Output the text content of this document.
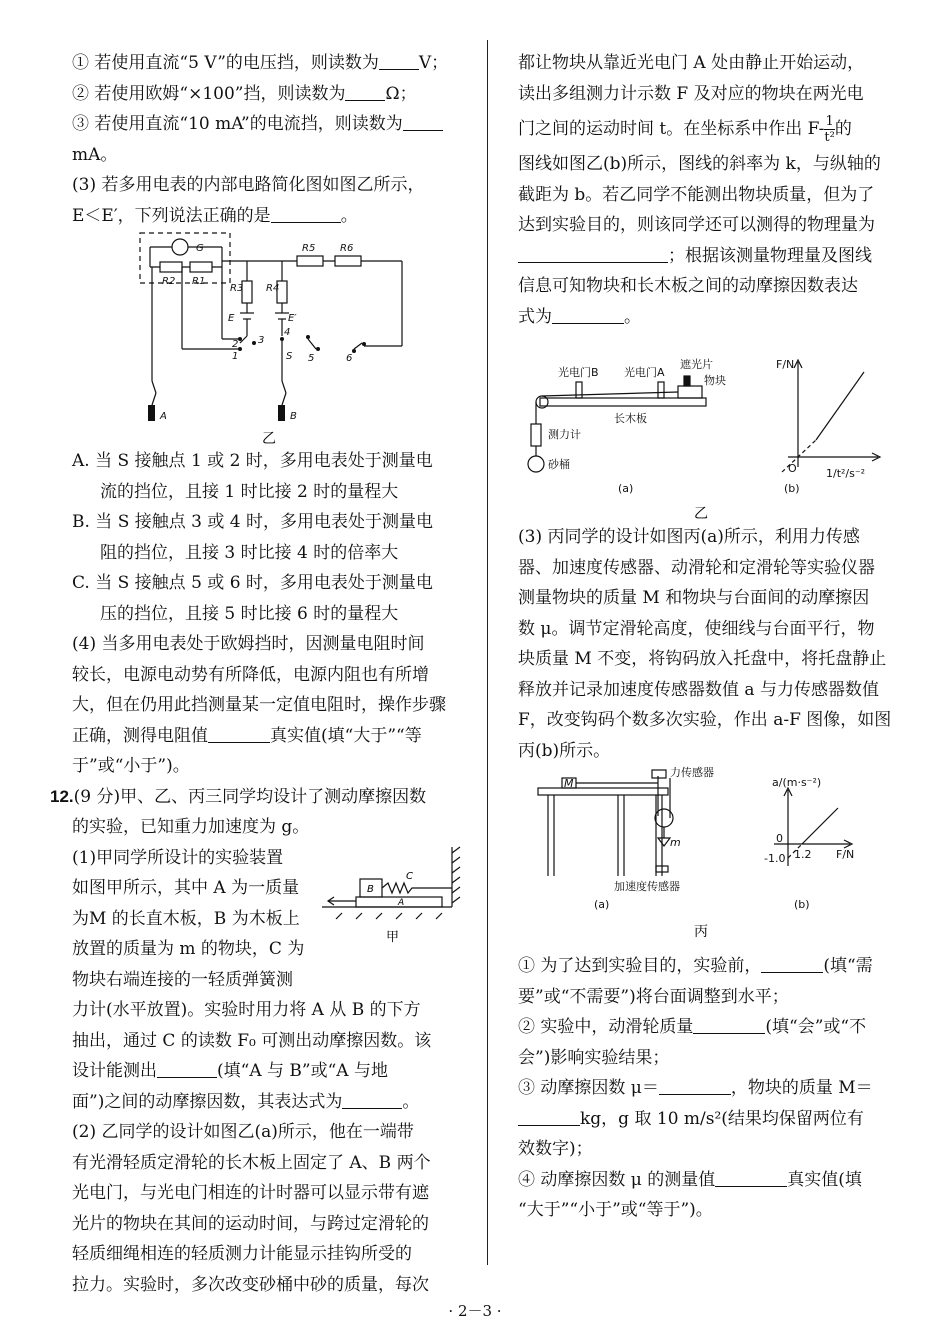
① 若使用直流“5 V”的电压挡，则读数为 V；

② 若使用欧姆“×100”挡，则读数为 Ω；

③ 若使用直流“10 mA”的电流挡，则读数为mA。

(3) 若多用电表的内部电路简化图如图乙所示，

E＜E′，下列说法正确的是	。

G
R2 R1
R3 R4
R5 R6
E	E′
1
2 3
4
5	6
S
A	B
乙

A. 当 S 接触点 1 或 2 时，多用电表处于测量电
流的挡位，且接 1 时比接 2 时的量程大

B. 当 S 接触点 3 或 4 时，多用电表处于测量电
阻的挡位，且接 3 时比接 4 时的倍率大

C. 当 S 接触点 5 或 6 时，多用电表处于测量电
压的挡位，且接 5 时比接 6 时的量程大

(4) 当多用电表处于欧姆挡时，因测量电阻时间

较长，电源电动势有所降低，电源内阻也有所增

大，但在仍用此挡测量某一定值电阻时，操作步骤

正确，测得电阻值	真实值(填“大于”“等

于”或“小于”)。

12.(9 分)甲、乙、丙三同学均设计了测动摩擦因数

的实验，已知重力加速度为 g。

C
B
A
甲

(1)甲同学所设计的实验装置

如图甲所示，其中 A 为一质量

为M 的长直木板，B 为木板上

放置的质量为 m 的物块，C 为

物块右端连接的一轻质弹簧测

力计(水平放置)。实验时用力将 A 从 B 的下方

抽出，通过 C 的读数 F₀ 可测出动摩擦因数。该

设计能测出	(填“A 与 B”或“A 与地

面”)之间的动摩擦因数，其表达式为	。

(2) 乙同学的设计如图乙(a)所示，他在一端带

有光滑轻质定滑轮的长木板上固定了 A、B 两个

光电门，与光电门相连的计时器可以显示带有遮

光片的物块在其间的运动时间，与跨过定滑轮的

轻质细绳相连的轻质测力计能显示挂钩所受的

拉力。实验时，多次改变砂桶中砂的质量，每次

都让物块从靠近光电门 A 处由静止开始运动，

读出多组测力计示数 F 及对应的物块在两光电

门之间的运动时间 t。在坐标系中作出 $F- \frac{1}{\text{t²}}$ 的

图线如图乙(b)所示，图线的斜率为 k，与纵轴的

截距为 b。若乙同学不能测出物块质量，但为了

达到实验目的，则该同学还可以测得的物理量为

；根据该测量物理量及图线

信息可知物块和长木板之间的动摩擦因数表达

式为	。

光电门B 光电门A
遮光片
物块
长木板
测力计
砂桶
(a)
F/N
O	1/t²/s⁻²
(b)
乙

(3) 丙同学的设计如图丙(a)所示，利用力传感

器、加速度传感器、动滑轮和定滑轮等实验仪器

测量物块的质量 M 和物块与台面间的动摩擦因

数 μ。调节定滑轮高度，使细线与台面平行，物

块质量 M 不变，将钩码放入托盘中，将托盘静止

释放并记录加速度传感器数值 a 与力传感器数值

F，改变钩码个数多次实验，作出 a-F 图像，如图

丙(b)所示。

M
力传感器
m
加速度传感器
(a)
a/(m·s⁻²)
0
1.2 F/N
-1.0
(b)
丙

① 为了达到实验目的，实验前，	(填“需

要”或“不需要”)将台面调整到水平；

② 实验中，动滑轮质量	(填“会”或“不

会”)影响实验结果；

③ 动摩擦因数 μ＝	，物块的质量 M＝

kg，g 取 10 m/s²(结果均保留两位有

效数字)；

④ 动摩擦因数 μ 的测量值	真实值(填

“大于”“小于”或“等于”)。

· 2－3 ·
